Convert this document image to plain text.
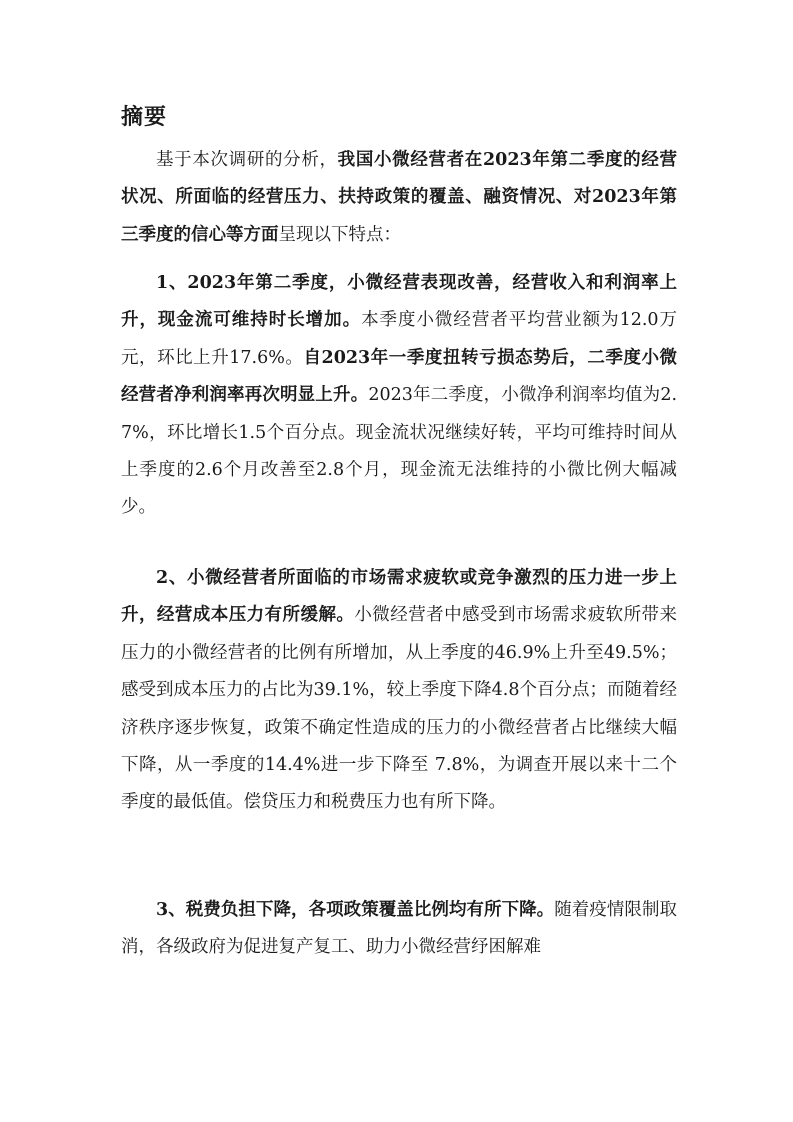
摘要

基于本次调研的分析，我国小微经营者在2023年第二季度的经营状况、所面临的经营压力、扶持政策的覆盖、融资情况、对2023年第三季度的信心等方面呈现以下特点：

1、2023年第二季度，小微经营表现改善，经营收入和利润率上升，现金流可维持时长增加。本季度小微经营者平均营业额为12.0万元，环比上升17.6%。自2023年一季度扭转亏损态势后，二季度小微经营者净利润率再次明显上升。2023年二季度，小微净利润率均值为2.7%，环比增长1.5个百分点。现金流状况继续好转，平均可维持时间从上季度的2.6个月改善至2.8个月，现金流无法维持的小微比例大幅减少。

2、小微经营者所面临的市场需求疲软或竞争激烈的压力进一步上升，经营成本压力有所缓解。小微经营者中感受到市场需求疲软所带来压力的小微经营者的比例有所增加，从上季度的46.9%上升至49.5%；感受到成本压力的占比为39.1%，较上季度下降4.8个百分点；而随着经济秩序逐步恢复，政策不确定性造成的压力的小微经营者占比继续大幅下降，从一季度的14.4%进一步下降至 7.8%，为调查开展以来十二个季度的最低值。偿贷压力和税费压力也有所下降。

3、税费负担下降，各项政策覆盖比例均有所下降。随着疫情限制取消，各级政府为促进复产复工、助力小微经营纾困解难
